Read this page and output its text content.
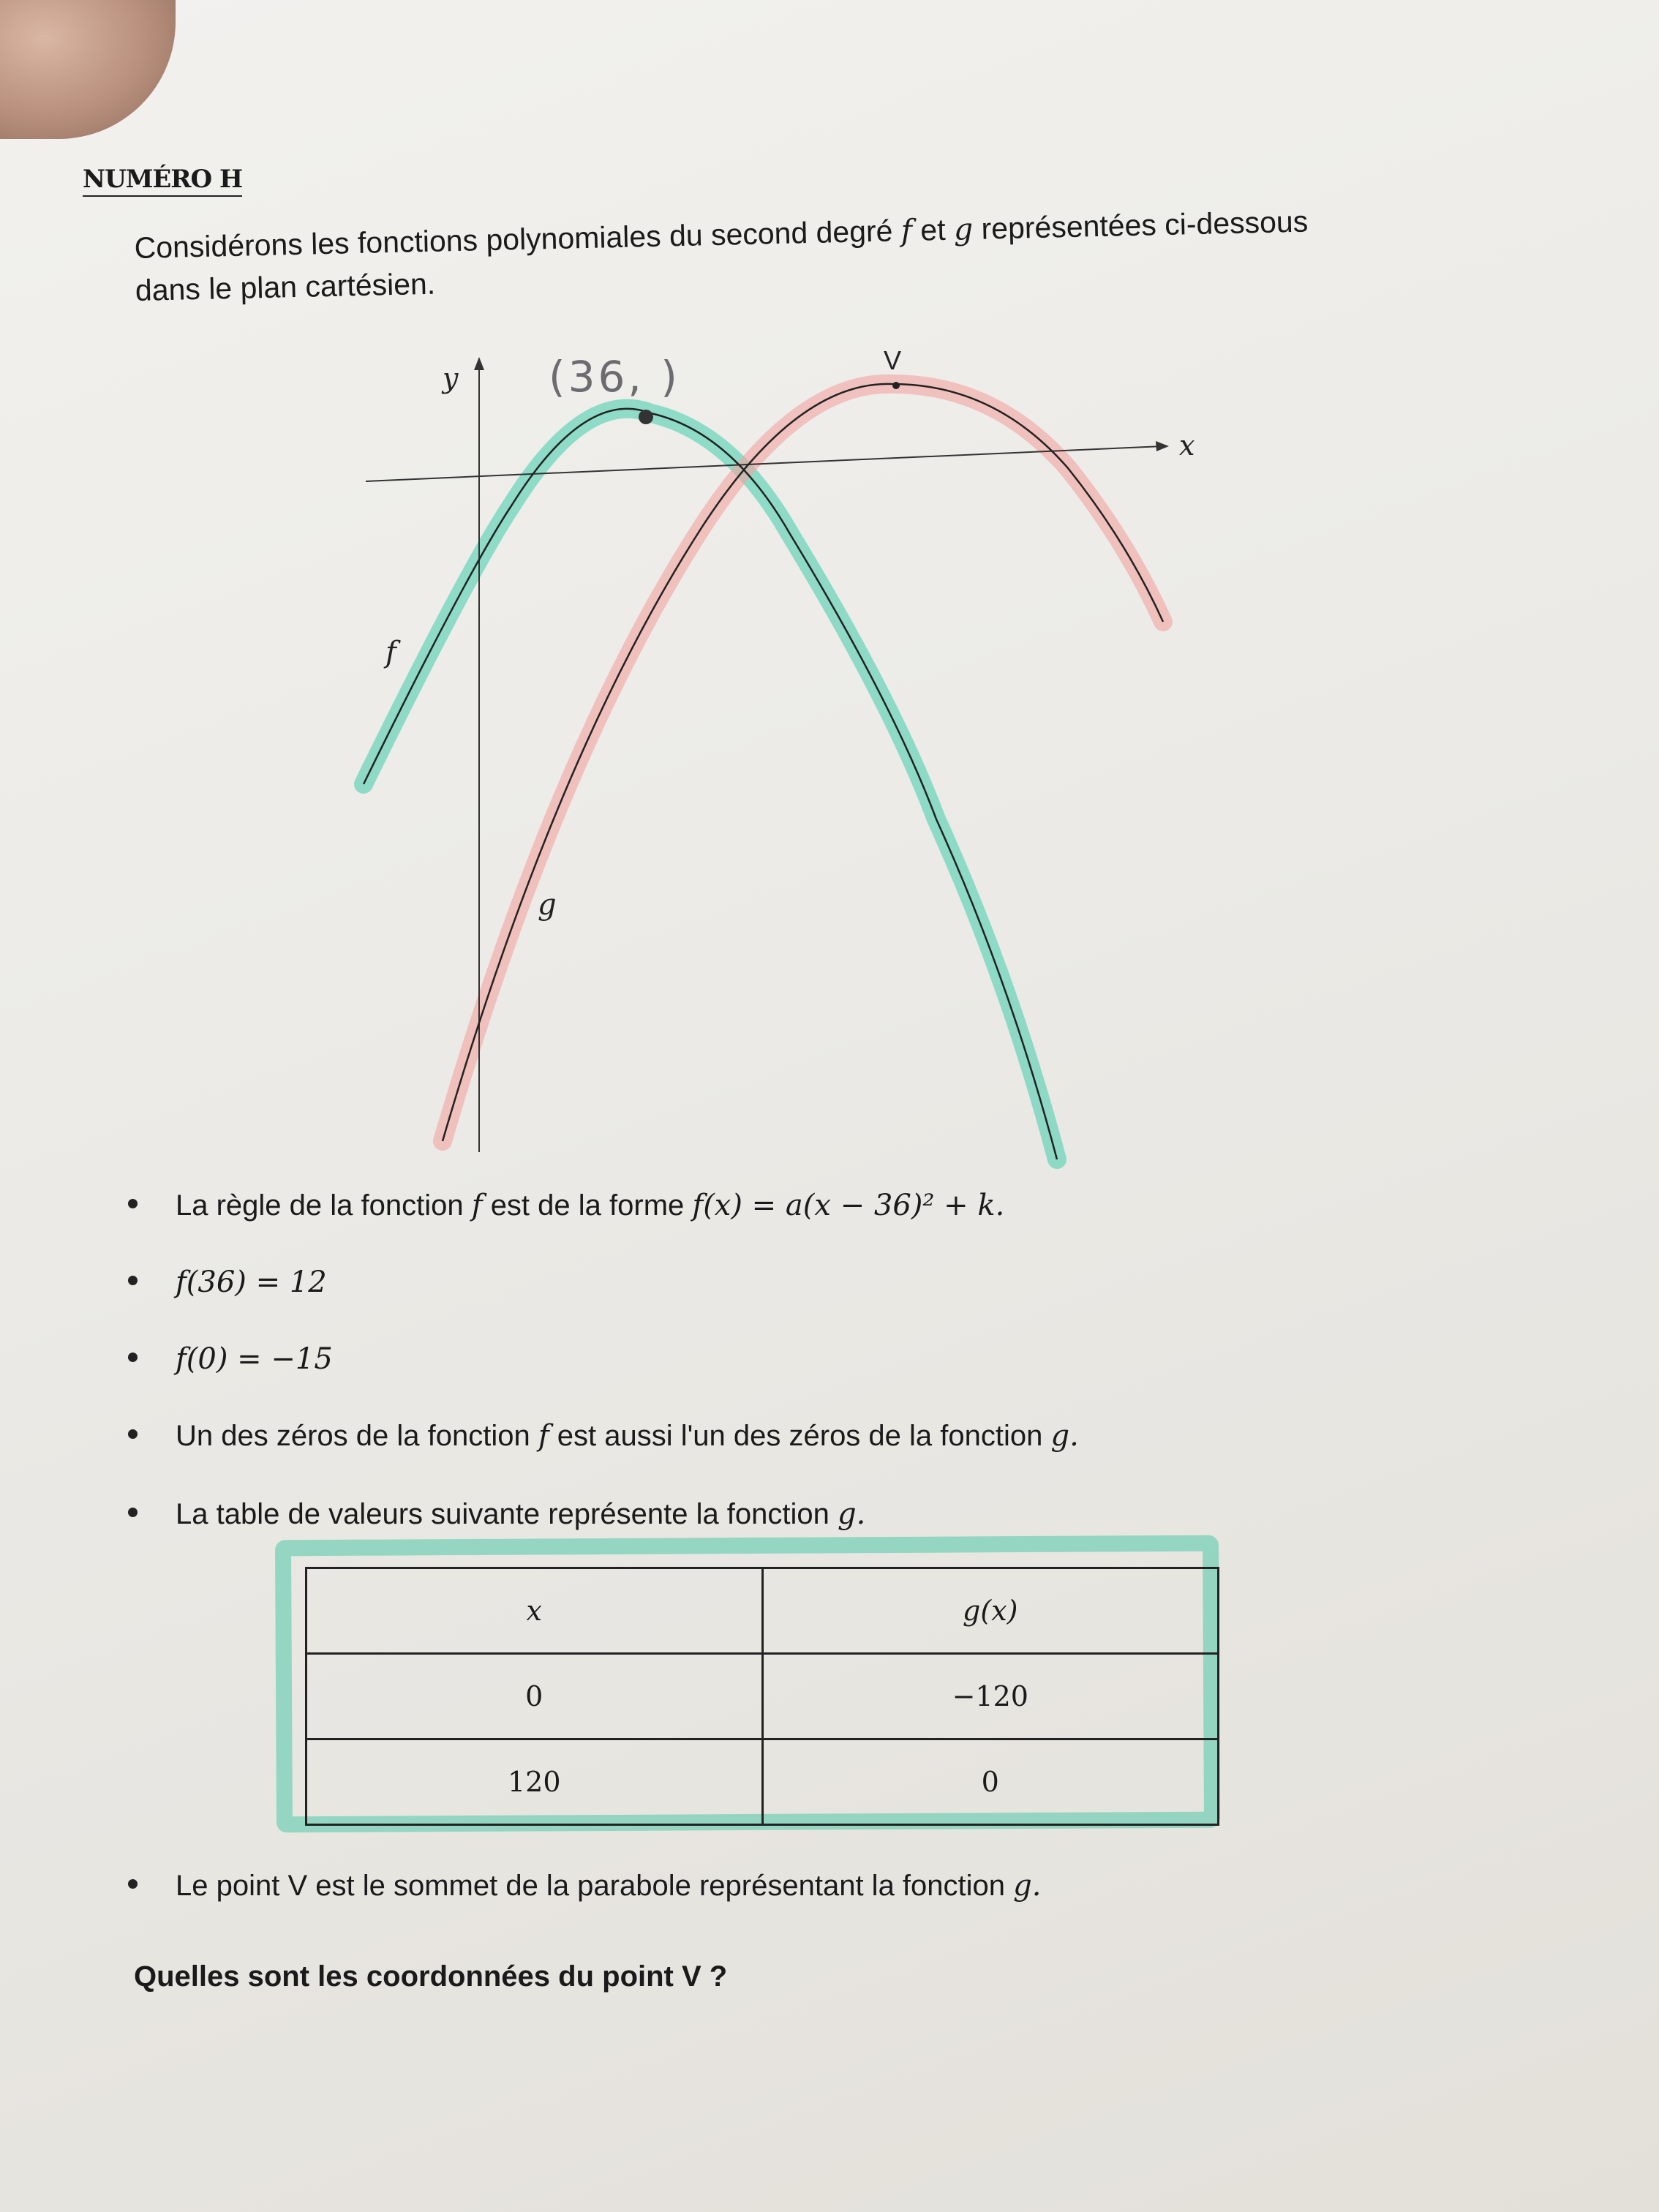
NUMÉRO H
Considérons les fonctions polynomiales du second degré f et g représentées ci-dessous
dans le plan cartésien.
x
y
f
g
V
(36, )
La règle de la fonction
f
est de la forme
f(x) = a(x − 36)² + k.
f(36) = 12
f(0) = −15
Un des zéros de la fonction
f
est aussi l'un des zéros de la fonction
g.
La table de valeurs suivante représente la fonction
g.
Le point V est le sommet de la parabole représentant la fonction
g.
x	g(x)
0	−120
120	0
Quelles sont les coordonnées du point V ?
